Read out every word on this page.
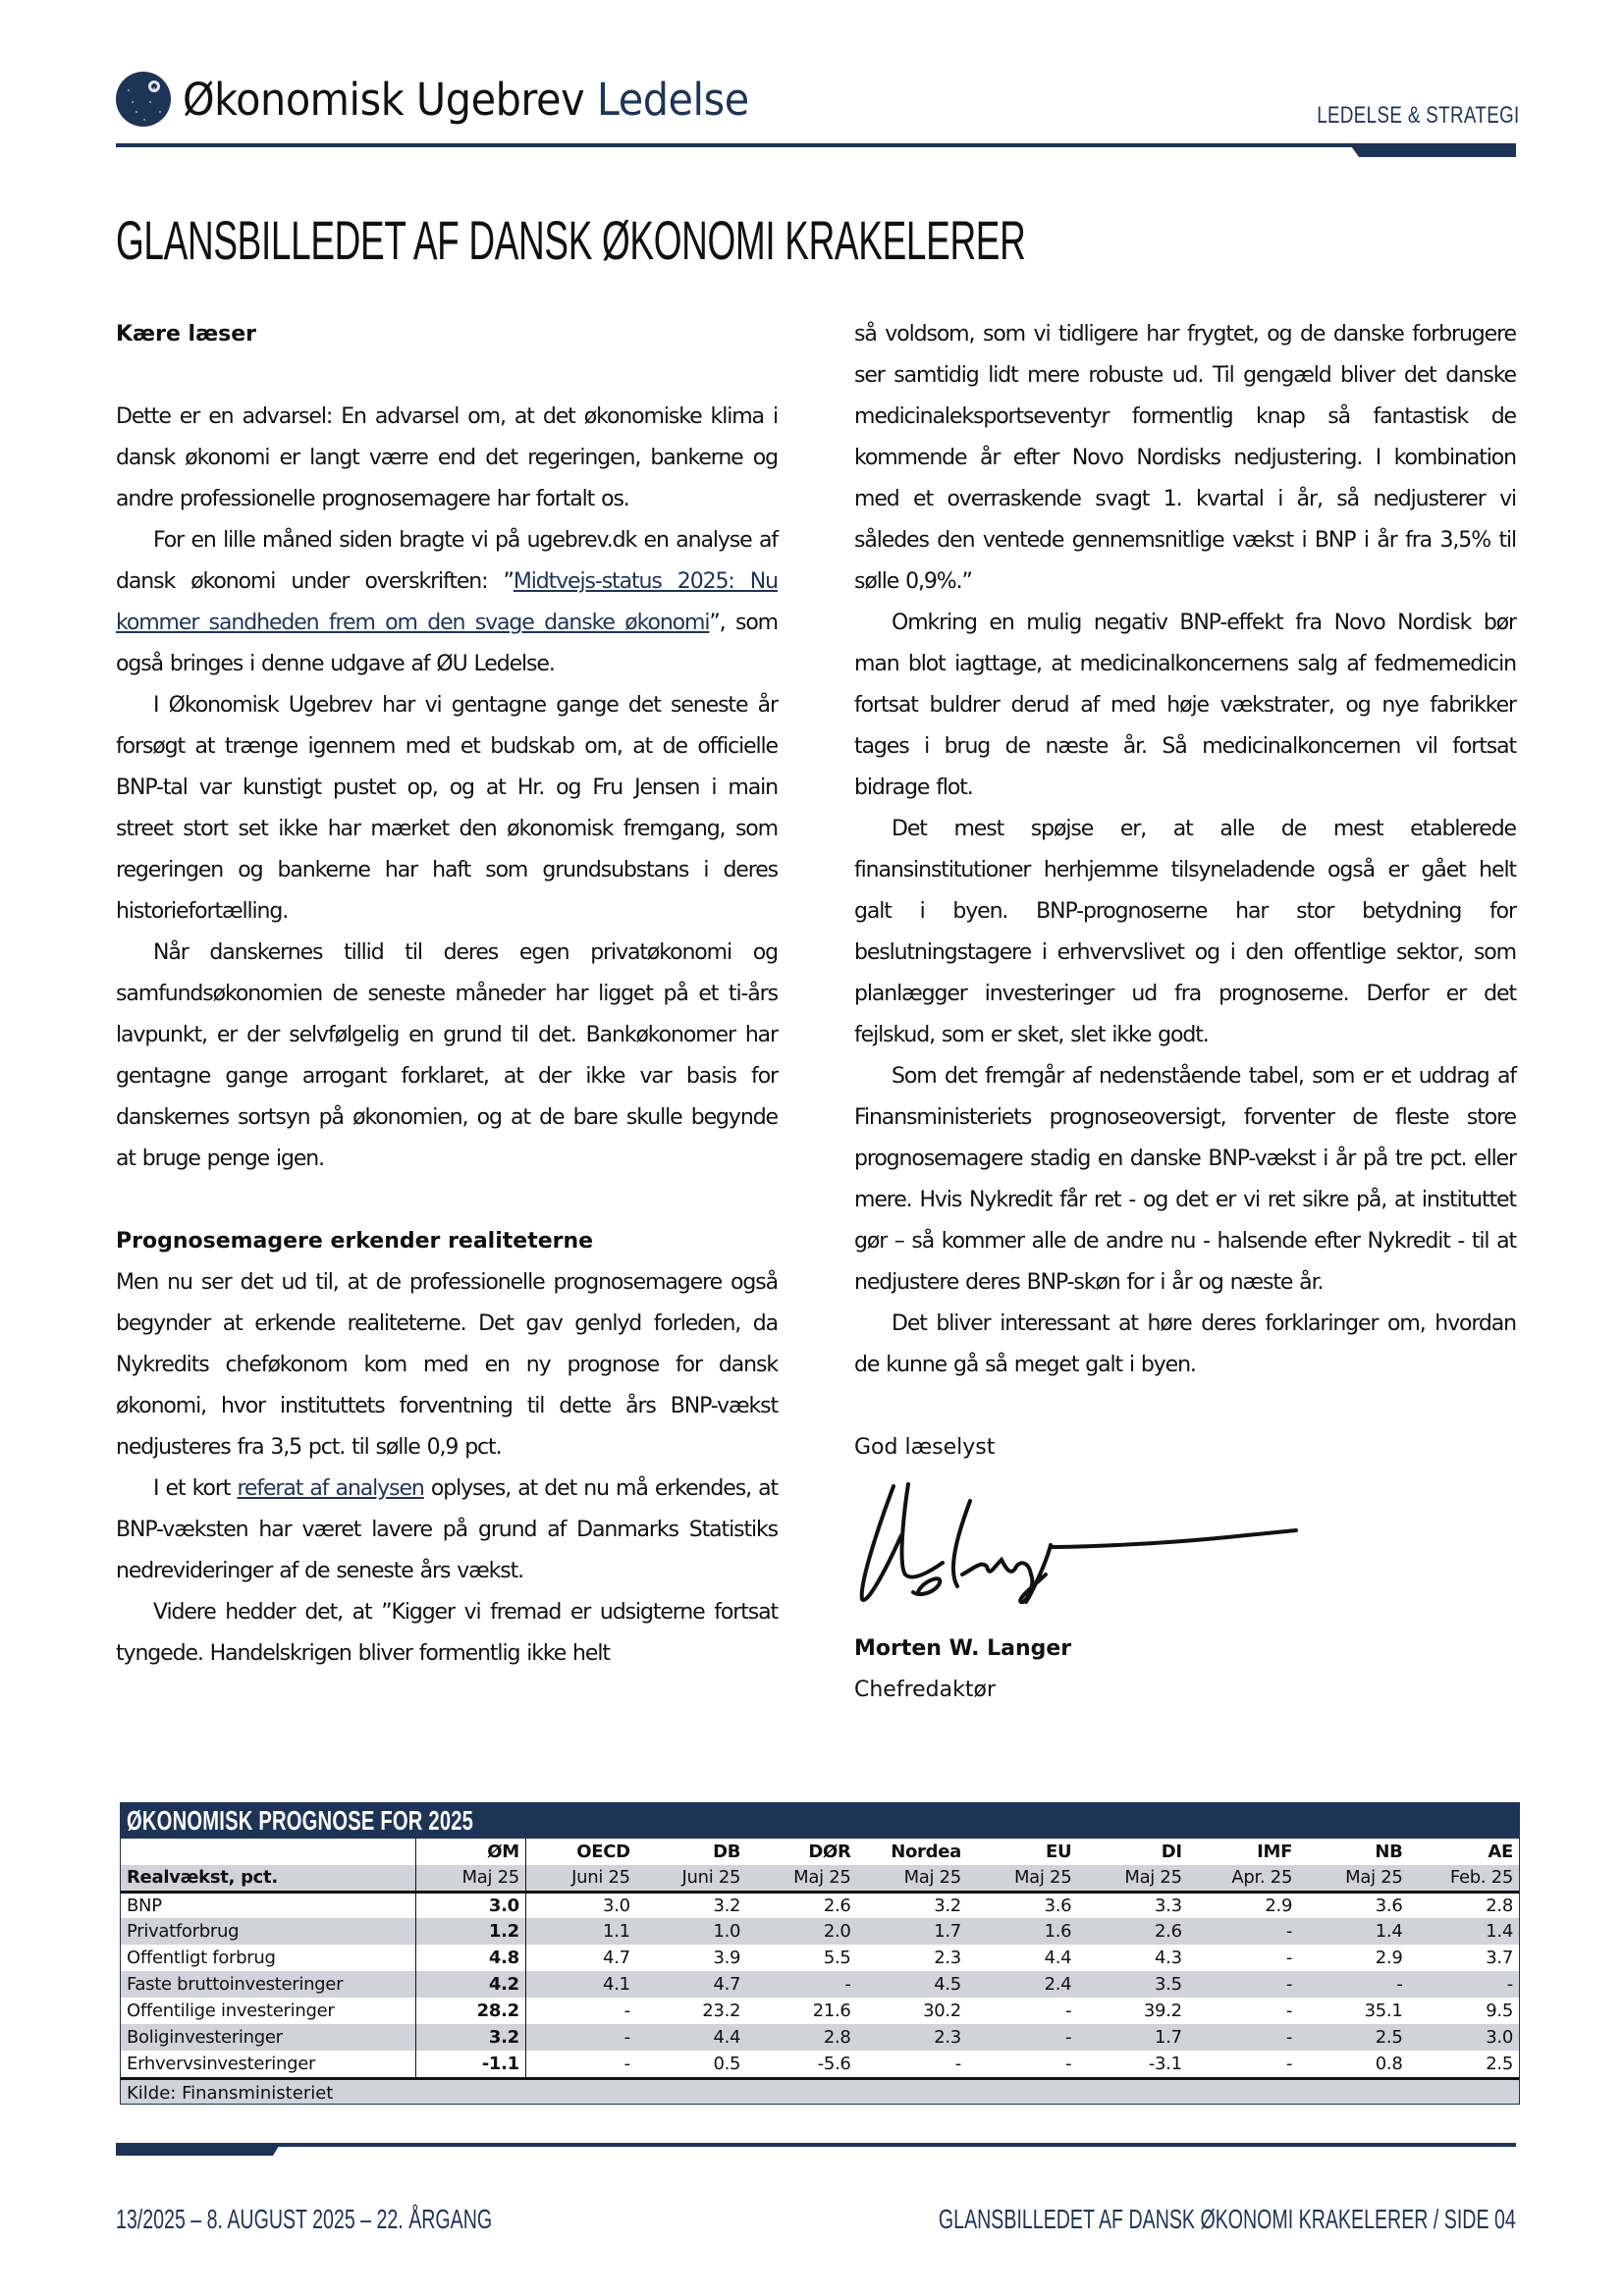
Økonomisk Ugebrev Ledelse	LEDELSE & STRATEGI
GLANSBILLEDET AF DANSK ØKONOMI KRAKELERER

Kære læser

Dette er en advarsel: En advarsel om, at det økonomiske klima i dansk økonomi er langt værre end det regeringen, bankerne og andre professionelle prognosemagere har fortalt os.

For en lille måned siden bragte vi på ugebrev.dk en analyse af dansk økonomi under overskriften: ”Midtvejs-status 2025: Nu kommer sandheden frem om den svage danske økonomi”, som også bringes i denne udgave af ØU Ledelse.

I Økonomisk Ugebrev har vi gentagne gange det seneste år forsøgt at trænge igennem med et budskab om, at de officielle BNP-tal var kunstigt pustet op, og at Hr. og Fru Jensen i main street stort set ikke har mærket den økonomisk fremgang, som regeringen og bankerne har haft som grundsubstans i deres historiefortælling.

Når danskernes tillid til deres egen privatøkonomi og samfundsøkonomien de seneste måneder har ligget på et ti-års lavpunkt, er der selvfølgelig en grund til det. Bankøkonomer har gentagne gange arrogant forklaret, at der ikke var basis for danskernes sortsyn på økonomien, og at de bare skulle begynde at bruge penge igen.

Prognosemagere erkender realiteterne

Men nu ser det ud til, at de professionelle prognosemagere også begynder at erkende realiteterne. Det gav genlyd forleden, da Nykredits cheføkonom kom med en ny prognose for dansk økonomi, hvor instituttets forventning til dette års BNP-vækst nedjusteres fra 3,5 pct. til sølle 0,9 pct.

I et kort referat af analysen oplyses, at det nu må erkendes, at BNP-væksten har været lavere på grund af Danmarks Statistiks nedrevideringer af de seneste års vækst.

Videre hedder det, at ”Kigger vi fremad er udsigterne fortsat tyngede. Handelskrigen bliver formentlig ikke helt

så voldsom, som vi tidligere har frygtet, og de danske forbrugere ser samtidig lidt mere robuste ud. Til gengæld bliver det danske medicinaleksportseventyr formentlig knap så fantastisk de kommende år efter Novo Nordisks nedjustering. I kombination med et overraskende svagt 1. kvartal i år, så nedjusterer vi således den ventede gennemsnitlige vækst i BNP i år fra 3,5% til sølle 0,9%.”

Omkring en mulig negativ BNP-effekt fra Novo Nordisk bør man blot iagttage, at medicinalkoncernens salg af fedmemedicin fortsat buldrer derud af med høje vækstrater, og nye fabrikker tages i brug de næste år. Så medicinalkoncernen vil fortsat bidrage flot.

Det mest spøjse er, at alle de mest etablerede finansinstitutioner herhjemme tilsyneladende også er gået helt galt i byen. BNP-prognoserne har stor betydning for beslutningstagere i erhvervslivet og i den offentlige sektor, som planlægger investeringer ud fra prognoserne. Derfor er det fejlskud, som er sket, slet ikke godt.

Som det fremgår af nedenstående tabel, som er et uddrag af Finansministeriets prognoseoversigt, forventer de fleste store prognosemagere stadig en danske BNP-vækst i år på tre pct. eller mere. Hvis Nykredit får ret - og det er vi ret sikre på, at instituttet gør – så kommer alle de andre nu - halsende efter Nykredit - til at nedjustere deres BNP-skøn for i år og næste år.

Det bliver interessant at høre deres forklaringer om, hvordan de kunne gå så meget galt i byen.

God læselyst

Morten W. Langer

Chefredaktør

ØKONOMISK PROGNOSE FOR 2025
	ØM	OECD	DB	DØR	Nordea	EU	DI	IMF	NB	AE
Realvækst, pct.	Maj 25	Juni 25	Juni 25	Maj 25	Maj 25	Maj 25	Maj 25	Apr. 25	Maj 25	Feb. 25
BNP	3.0	3.0	3.2	2.6	3.2	3.6	3.3	2.9	3.6	2.8
Privatforbrug	1.2	1.1	1.0	2.0	1.7	1.6	2.6	-	1.4	1.4
Offentligt forbrug	4.8	4.7	3.9	5.5	2.3	4.4	4.3	-	2.9	3.7
Faste bruttoinvesteringer	4.2	4.1	4.7	-	4.5	2.4	3.5	-	-	-
Offentilige investeringer	28.2	-	23.2	21.6	30.2	-	39.2	-	35.1	9.5
Boliginvesteringer	3.2	-	4.4	2.8	2.3	-	1.7	-	2.5	3.0
Erhvervsinvesteringer	-1.1	-	0.5	-5.6	-	-	-3.1	-	0.8	2.5
Kilde: Finansministeriet
13/2025 – 8. AUGUST 2025 – 22. ÅRGANG	GLANSBILLEDET AF DANSK ØKONOMI KRAKELERER / SIDE 04
